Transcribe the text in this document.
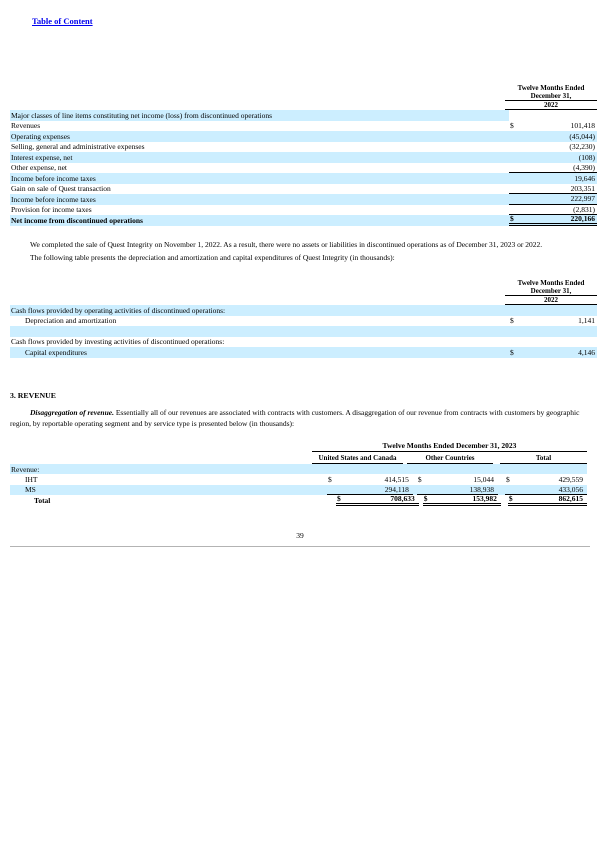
Table of Content
Twelve Months Ended
December 31,
2022
Major classes of line items constituting net income (loss) from discontinued operations
Revenues	$	101,418
Operating expenses	(45,044)
Selling, general and administrative expenses	(32,230)
Interest expense, net	(108)
Other expense, net	(4,390)
Income before income taxes	19,646
Gain on sale of Quest transaction	203,351
Income before income taxes	222,997
Provision for income taxes	(2,831)
Net income from discontinued operations	$	220,166
We completed the sale of Quest Integrity on November 1, 2022. As a result, there were no assets or liabilities in discontinued operations as of December 31, 2023 or 2022.
The following table presents the depreciation and amortization and capital expenditures of Quest Integrity (in thousands):
Twelve Months Ended
December 31,
2022
Cash flows provided by operating activities of discontinued operations:
Depreciation and amortization	$	1,141
Cash flows provided by investing activities of discontinued operations:
Capital expenditures	$	4,146
3. REVENUE
Disaggregation of revenue. Essentially all of our revenues are associated with contracts with customers. A disaggregation of our revenue from contracts with customers by geographic region, by reportable operating segment and by service type is presented below (in thousands):
Twelve Months Ended December 31, 2023
United States and Canada	Other Countries	Total
Revenue:
IHT	$	414,515	$	15,044	$	429,559
MS	294,118	138,938	433,056
Total	$	708,633	$	153,982	$	862,615
39
